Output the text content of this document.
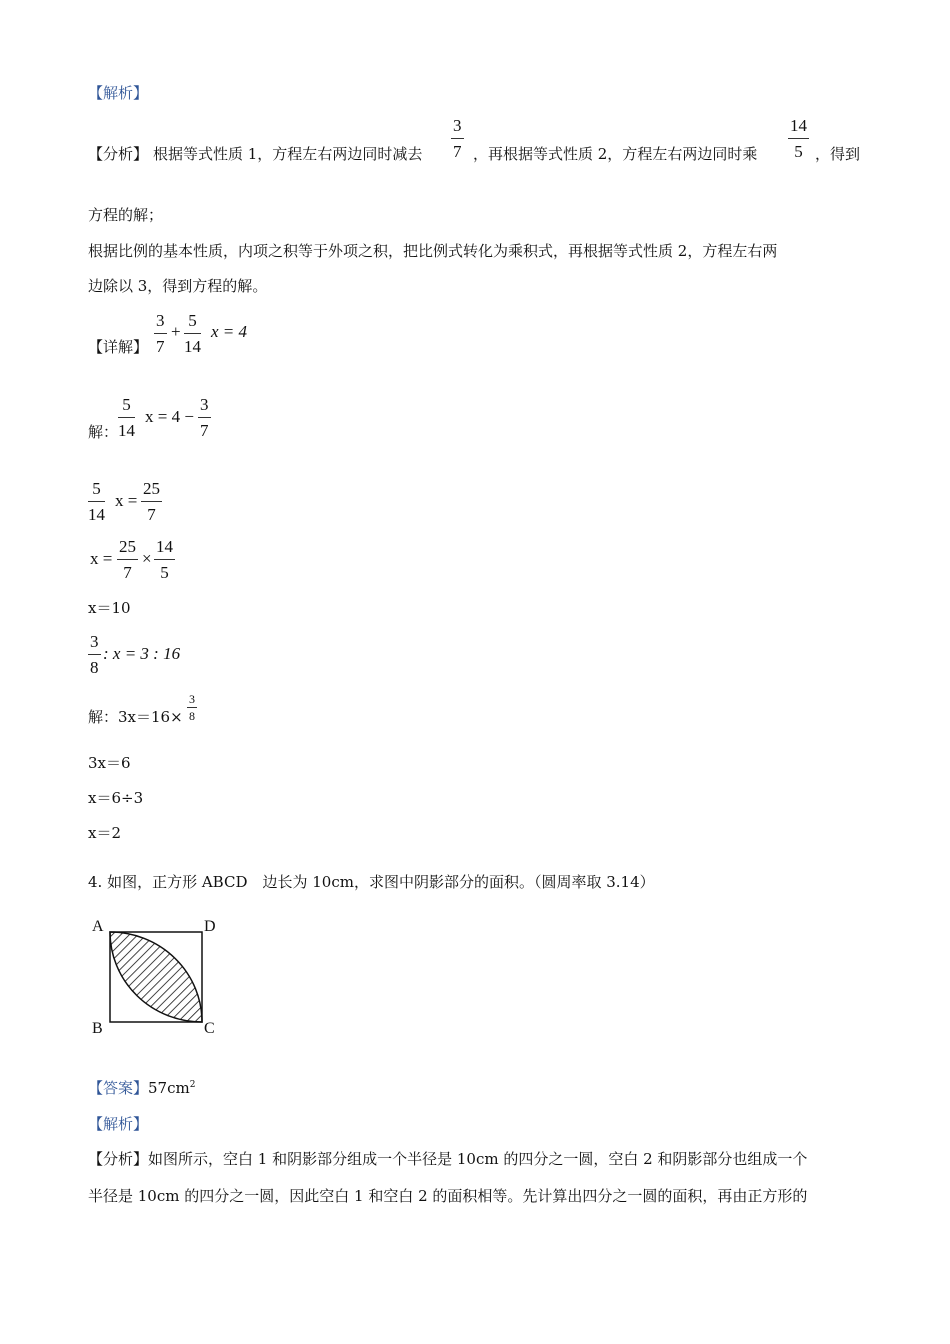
【解析】
【分析】 根据等式性质 1，方程左右两边同时减去
3
7 ，再根据等式性质 2，方程左右两边同时乘
14
5 ，得到
方程的解；
根据比例的基本性质，内项之积等于外项之积，把比例式转化为乘积式，再根据等式性质 2，方程左右两
边除以 3，得到方程的解。
【详解】
3
7
+
5
14
x = 4
解：
5
14
x = 4 −
3
7
5
14
x =
25
7
x =
25
7
×
14
5
x＝10
3
8
: x = 3 : 16
解：3x＝16×
3
8
3x＝6
x＝6÷3
x＝2
4. 如图，正方形 ABCD　边长为 10cm，求图中阴影部分的面积。（圆周率取 3.14）
A	D
B	C
【答案】$57cm^2$
【解析】
【分析】如图所示，空白 1 和阴影部分组成一个半径是 10cm 的四分之一圆，空白 2 和阴影部分也组成一个
半径是 10cm 的四分之一圆，因此空白 1 和空白 2 的面积相等。先计算出四分之一圆的面积，再由正方形的
